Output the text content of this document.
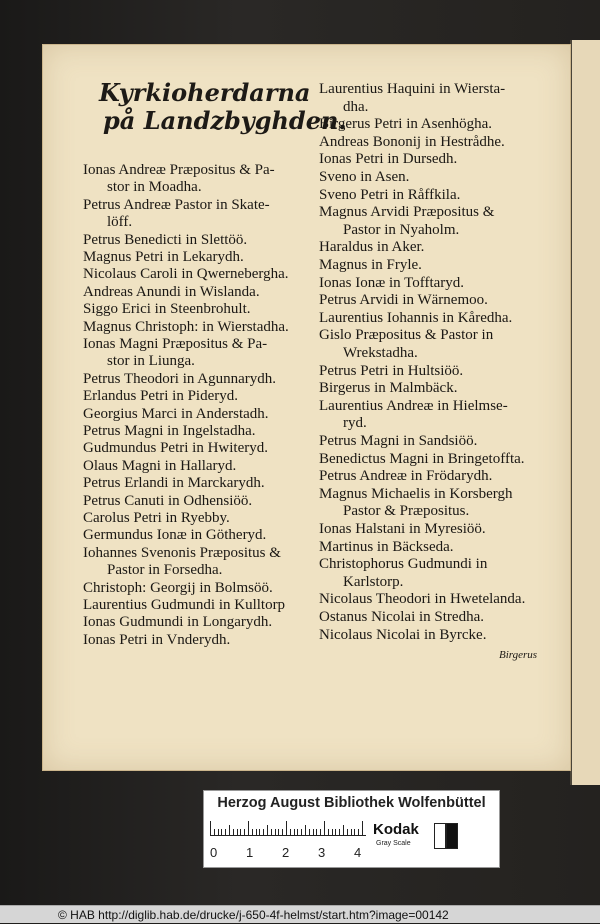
Kyrkioherdarna
på Landzbyghden.
Ionas Andreæ Præpositus & Pa-
stor in Moadha.
Petrus Andreæ Pastor in Skate-
löff.
Petrus Benedicti in Slettöö.
Magnus Petri in Lekarydh.
Nicolaus Caroli in Qwernebergha.
Andreas Anundi in Wislanda.
Siggo Erici in Steenbrohult.
Magnus Christoph: in Wierstadha.
Ionas Magni Præpositus & Pa-
stor in Liunga.
Petrus Theodori in Agunnarydh.
Erlandus Petri in Pideryd.
Georgius Marci in Anderstadh.
Petrus Magni in Ingelstadha.
Gudmundus Petri in Hwiteryd.
Olaus Magni in Hallaryd.
Petrus Erlandi in Marckarydh.
Petrus Canuti in Odhensiöö.
Carolus Petri in Ryebby.
Germundus Ionæ in Götheryd.
Iohannes Svenonis Præpositus &
Pastor in Forsedha.
Christoph: Georgij in Bolmsöö.
Laurentius Gudmundi in Kulltorp
Ionas Gudmundi in Longarydh.
Ionas Petri in Vnderydh.
Laurentius Haquini in Wiersta-
dha.
Birgerus Petri in Asenhögha.
Andreas Bononij in Hestrådhe.
Ionas Petri in Dursedh.
Sveno in Asen.
Sveno Petri in Råffkila.
Magnus Arvidi Præpositus &
Pastor in Nyaholm.
Haraldus in Aker.
Magnus in Fryle.
Ionas Ionæ in Tofftaryd.
Petrus Arvidi in Wärnemoo.
Laurentius Iohannis in Kåredha.
Gislo Præpositus & Pastor in
Wrekstadha.
Petrus Petri in Hultsiöö.
Birgerus in Malmbäck.
Laurentius Andreæ in Hielmse-
ryd.
Petrus Magni in Sandsiöö.
Benedictus Magni in Bringetoffta.
Petrus Andreæ in Frödarydh.
Magnus Michaelis in Korsbergh
Pastor & Præpositus.
Ionas Halstani in Myresiöö.
Martinus in Bäckseda.
Christophorus Gudmundi in
Karlstorp.
Nicolaus Theodori in Hwetelanda.
Ostanus Nicolai in Stredha.
Nicolaus Nicolai in Byrcke.
Birgerus
Herzog August Bibliothek Wolfenbüttel
0 1 2 3 4
Kodak
Gray Scale
© HAB http://diglib.hab.de/drucke/j-650-4f-helmst/start.htm?image=00142
